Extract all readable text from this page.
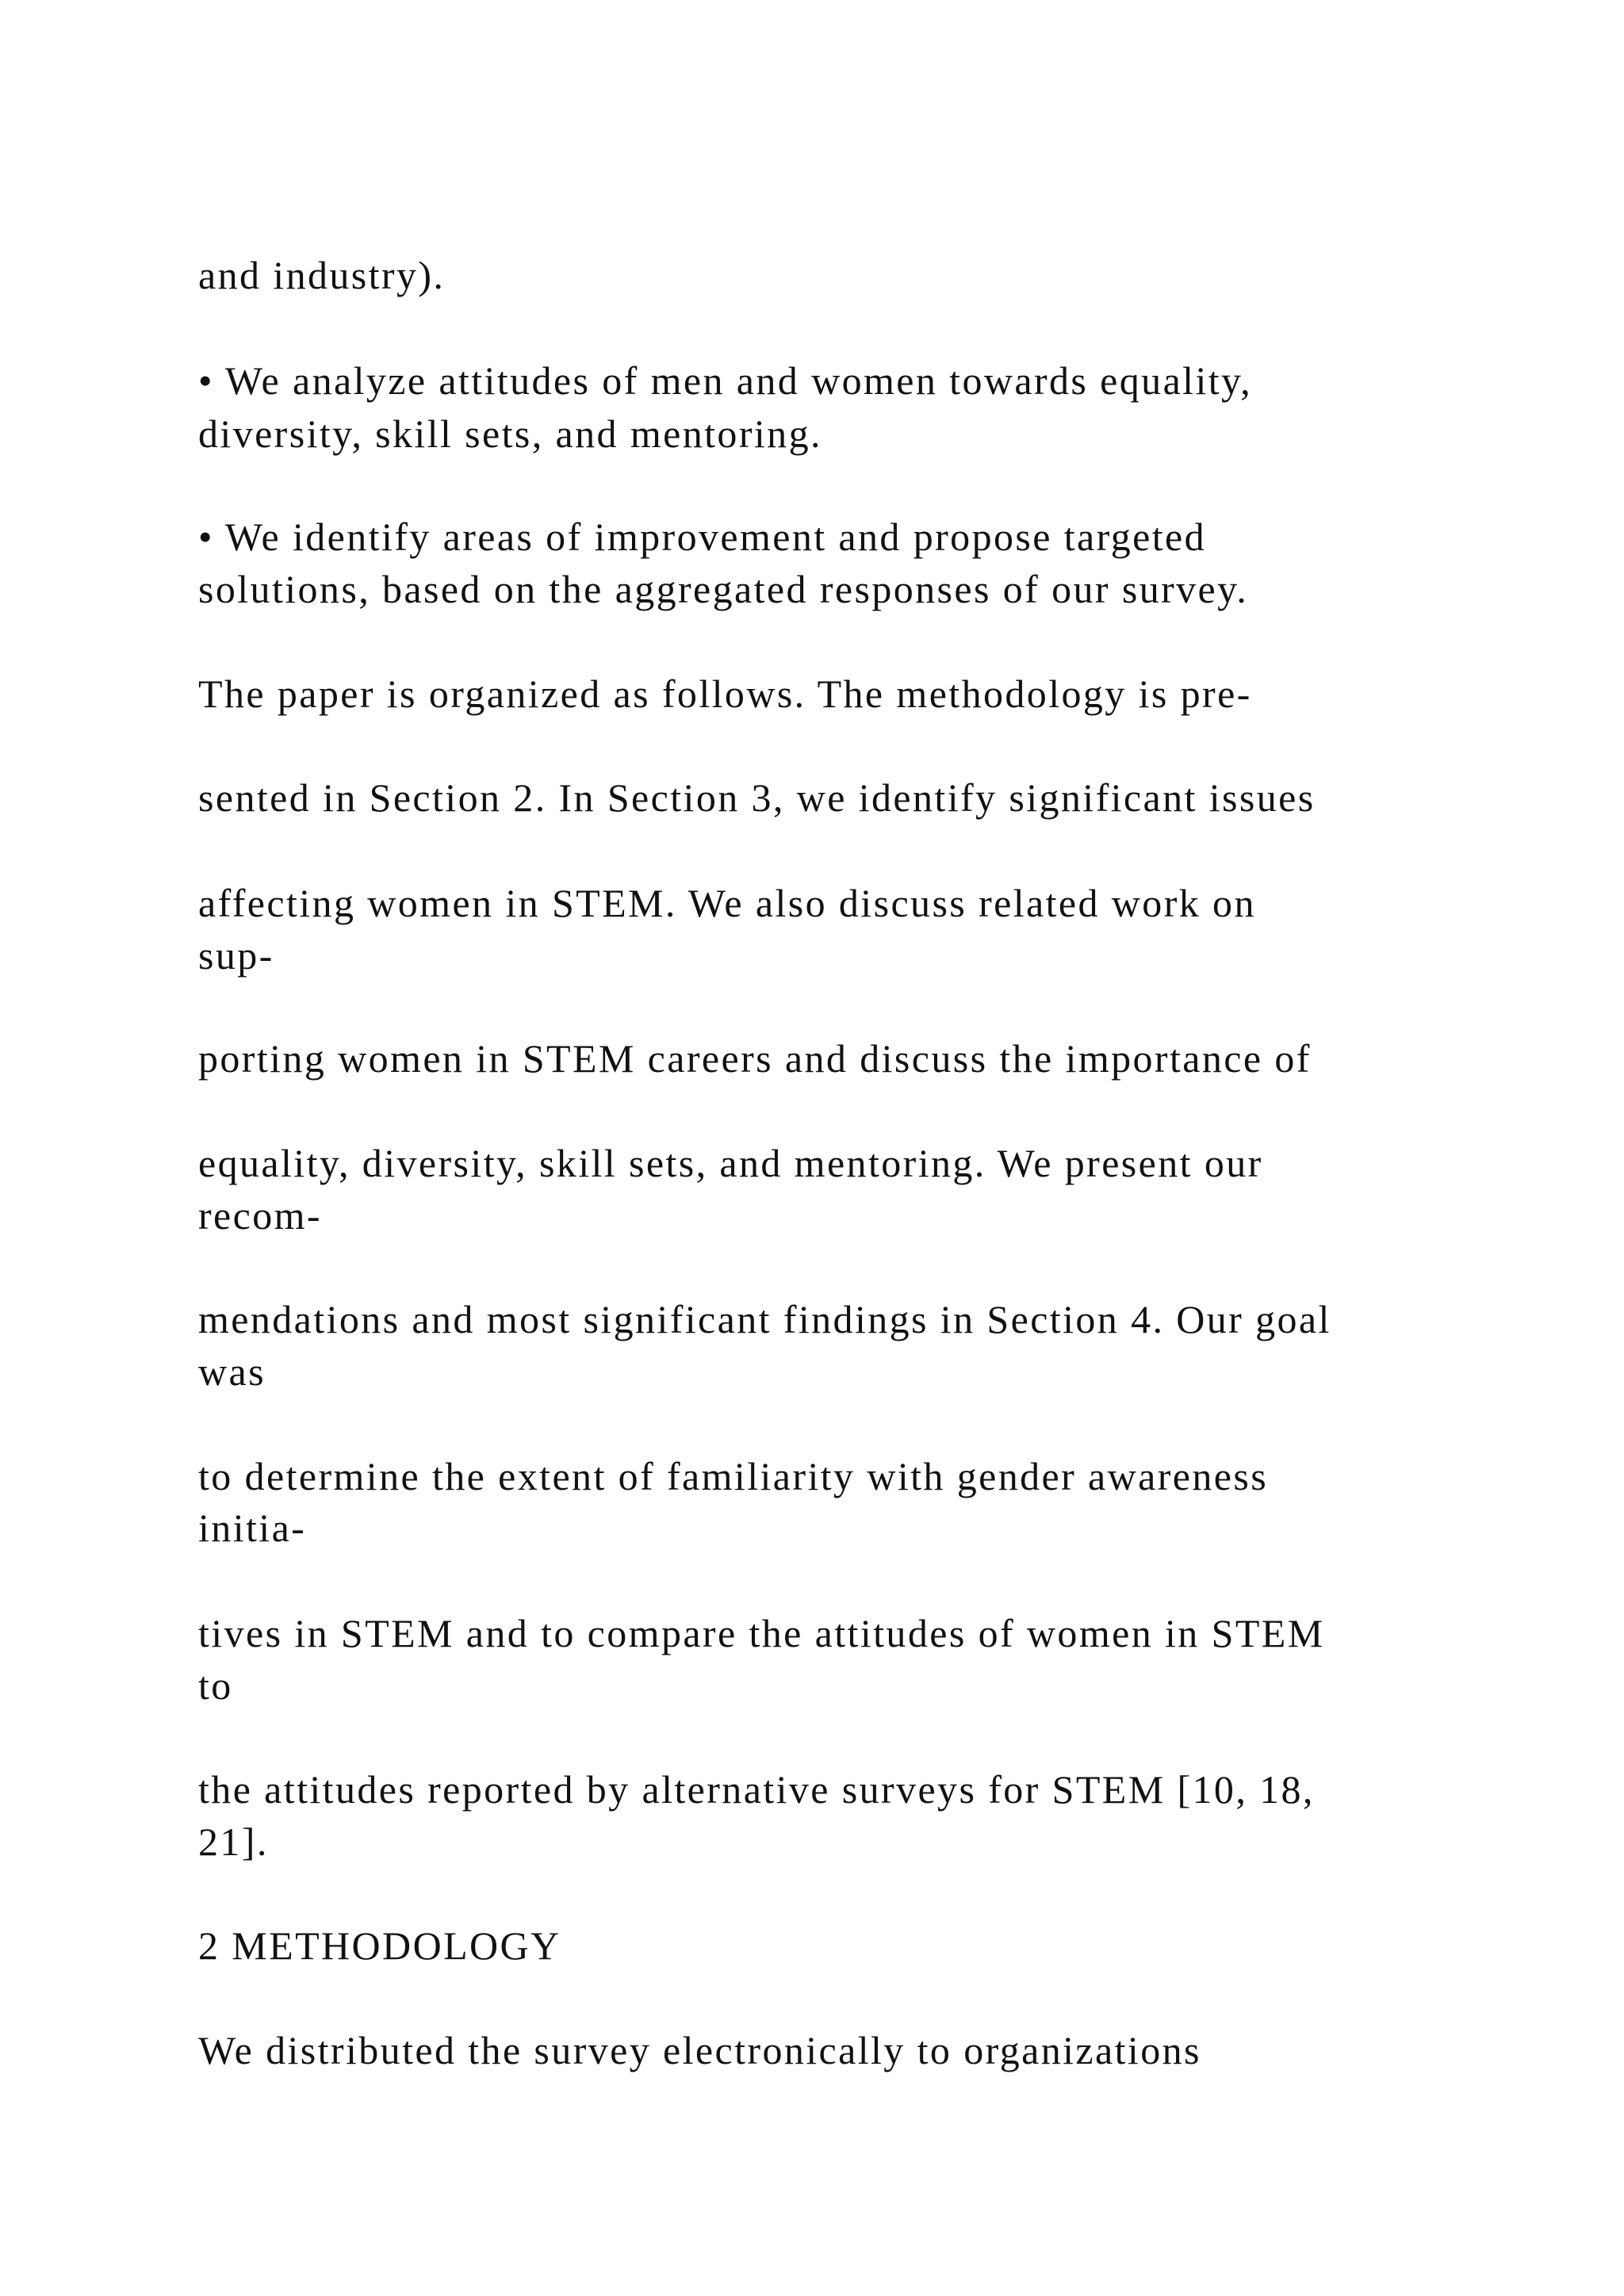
and industry).

• We analyze attitudes of men and women towards equality,

diversity, skill sets, and mentoring.

• We identify areas of improvement and propose targeted

solutions, based on the aggregated responses of our survey.

The paper is organized as follows. The methodology is pre-

sented in Section 2. In Section 3, we identify significant issues

affecting women in STEM. We also discuss related work on

sup-

porting women in STEM careers and discuss the importance of

equality, diversity, skill sets, and mentoring. We present our

recom-

mendations and most significant findings in Section 4. Our goal

was

to determine the extent of familiarity with gender awareness

initia-

tives in STEM and to compare the attitudes of women in STEM

to

the attitudes reported by alternative surveys for STEM [10, 18,

21].

2 METHODOLOGY

We distributed the survey electronically to organizations
